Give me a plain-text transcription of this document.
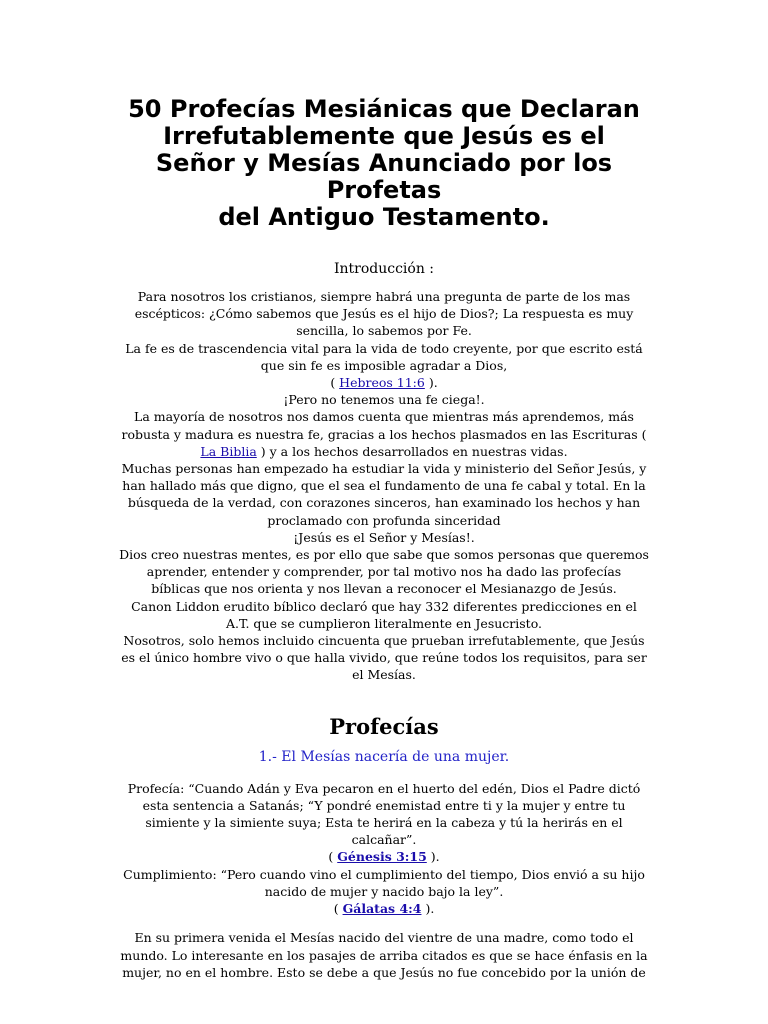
50 Profecías Mesiánicas que Declaran
Irrefutablemente que Jesús es el
Señor y Mesías Anunciado por los
Profetas
del Antiguo Testamento.
Introducción :
Para nosotros los cristianos, siempre habrá una pregunta de parte de los mas
escépticos: ¿Cómo sabemos que Jesús es el hijo de Dios?; La respuesta es muy
sencilla, lo sabemos por Fe.
La fe es de trascendencia vital para la vida de todo creyente, por que escrito está
que sin fe es imposible agradar a Dios,
( Hebreos 11:6 ).
¡Pero no tenemos una fe ciega!.
La mayoría de nosotros nos damos cuenta que mientras más aprendemos, más
robusta y madura es nuestra fe, gracias a los hechos plasmados en las Escrituras (
La Biblia ) y a los hechos desarrollados en nuestras vidas.
Muchas personas han empezado ha estudiar la vida y ministerio del Señor Jesús, y
han hallado más que digno, que el sea el fundamento de una fe cabal y total. En la
búsqueda de la verdad, con corazones sinceros, han examinado los hechos y han
proclamado con profunda sinceridad
¡Jesús es el Señor y Mesías!.
Dios creo nuestras mentes, es por ello que sabe que somos personas que queremos
aprender, entender y comprender, por tal motivo nos ha dado las profecías
bíblicas que nos orienta y nos llevan a reconocer el Mesianazgo de Jesús.
Canon Liddon erudito bíblico declaró que hay 332 diferentes predicciones en el
A.T. que se cumplieron literalmente en Jesucristo.
Nosotros, solo hemos incluido cincuenta que prueban irrefutablemente, que Jesús
es el único hombre vivo o que halla vivido, que reúne todos los requisitos, para ser
el Mesías.
Profecías
1.- El Mesías nacería de una mujer.
Profecía: “Cuando Adán y Eva pecaron en el huerto del edén, Dios el Padre dictó
esta sentencia a Satanás; “Y pondré enemistad entre ti y la mujer y entre tu
simiente y la simiente suya; Esta te herirá en la cabeza y tú la herirás en el
calcañar”.
( Génesis 3:15 ).
Cumplimiento: “Pero cuando vino el cumplimiento del tiempo, Dios envió a su hijo
nacido de mujer y nacido bajo la ley”.
( Gálatas 4:4 ).
En su primera venida el Mesías nacido del vientre de una madre, como todo el
mundo. Lo interesante en los pasajes de arriba citados es que se hace énfasis en la
mujer, no en el hombre. Esto se debe a que Jesús no fue concebido por la unión de
